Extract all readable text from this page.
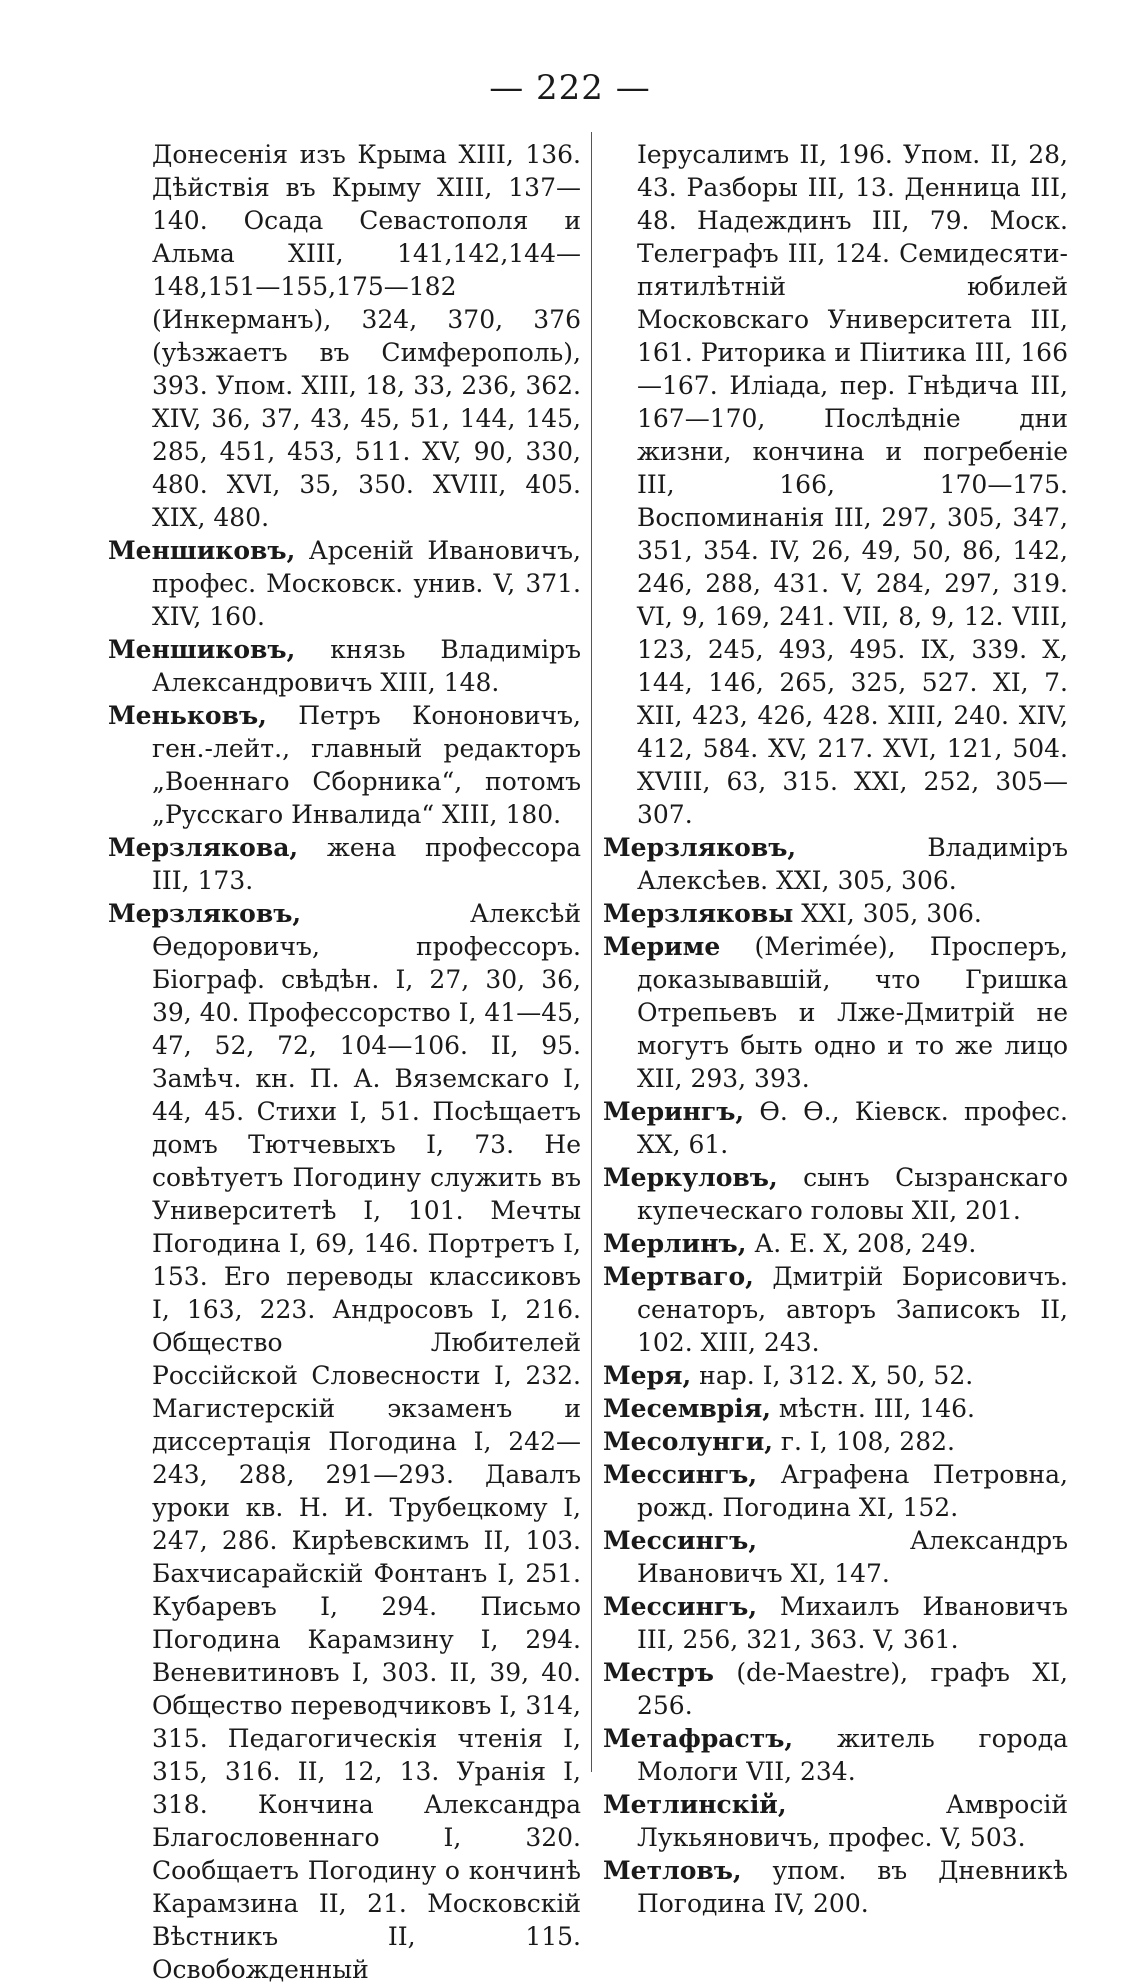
— 222 —

Донесенія изъ Крыма XIII, 136. Дѣйствія въ Крыму XIII, 137—140. Осада Севастополя и Альма XIII, 141,142,144—148,151—155,175—182 (Инкерманъ), 324, 370, 376 (уѣзжаетъ въ Симферополь), 393. Упом. XIII, 18, 33, 236, 362. XIV, 36, 37, 43, 45, 51, 144, 145, 285, 451, 453, 511. XV, 90, 330, 480. XVI, 35, 350. XVIII, 405. XIX, 480.

Меншиковъ, Арсеній Ивановичъ, профес. Московск. унив. V, 371. XIV, 160.

Меншиковъ, князь Владиміръ Александровичъ XIII, 148.

Меньковъ, Петръ Кононовичъ, ген.-лейт., главный редакторъ „Военнаго Сборника“, потомъ „Русскаго Инвалида“ XIII, 180.

Мерзлякова, жена профессора III, 173.

Мерзляковъ, Алексѣй Ѳедоровичъ, профессоръ. Біограф. свѣдѣн. I, 27, 30, 36, 39, 40. Профессорство I, 41—45, 47, 52, 72, 104—106. II, 95. Замѣч. кн. П. А. Вяземскаго I, 44, 45. Стихи I, 51. Посѣщаетъ домъ Тютчевыхъ I, 73. Не совѣтуетъ Погодину служить въ Университетѣ I, 101. Мечты Погодина I, 69, 146. Портретъ I, 153. Его переводы классиковъ I, 163, 223. Андросовъ I, 216. Общество Любителей Россійской Словесности I, 232. Магистерскій экзаменъ и диссертація Погодина I, 242—243, 288, 291—293. Давалъ уроки кв. Н. И. Трубецкому I, 247, 286. Кирѣевскимъ II, 103. Бахчисарайскій Фонтанъ I, 251. Кубаревъ I, 294. Письмо Погодина Карамзину I, 294. Веневитиновъ I, 303. II, 39, 40. Общество переводчиковъ I, 314, 315. Педагогическія чтенія I, 315, 316. II, 12, 13. Уранія I, 318. Кончина Александра Благословеннаго I, 320. Сообщаетъ Погодину о кончинѣ Карамзина II, 21. Московскій Вѣстникъ II, 115. Освобожденный

Іерусалимъ II, 196. Упом. II, 28, 43. Разборы III, 13. Денница III, 48. Надеждинъ III, 79. Моск. Телеграфъ III, 124. Семидесяти-пятилѣтній юбилей Московскаго Университета III, 161. Риторика и Піитика III, 166—167. Иліада, пер. Гнѣдича III, 167—170, Послѣдніе дни жизни, кончина и погребеніе III, 166, 170—175. Воспоминанія III, 297, 305, 347, 351, 354. IV, 26, 49, 50, 86, 142, 246, 288, 431. V, 284, 297, 319. VI, 9, 169, 241. VII, 8, 9, 12. VIII, 123, 245, 493, 495. IX, 339. X, 144, 146, 265, 325, 527. XI, 7. XII, 423, 426, 428. XIII, 240. XIV, 412, 584. XV, 217. XVI, 121, 504. XVIII, 63, 315. XXI, 252, 305—307.

Мерзляковъ, Владиміръ Алексѣев. XXI, 305, 306.

Мерзляковы XXI, 305, 306.

Мериме (Merimée), Просперъ, доказывавшій, что Гришка Отрепьевъ и Лже-Дмитрій не могутъ быть одно и то же лицо XII, 293, 393.

Мерингъ, Ѳ. Ѳ., Кіевск. профес. XX, 61.

Меркуловъ, сынъ Сызранскаго купеческаго головы XII, 201.

Мерлинъ, А. Е. X, 208, 249.

Мертваго, Дмитрій Борисовичъ. сенаторъ, авторъ Записокъ II, 102. XIII, 243.

Меря, нар. I, 312. X, 50, 52.

Месемврія, мѣстн. III, 146.

Месолунги, г. I, 108, 282.

Мессингъ, Аграфена Петровна, рожд. Погодина XI, 152.

Мессингъ, Александръ Ивановичъ XI, 147.

Мессингъ, Михаилъ Ивановичъ III, 256, 321, 363. V, 361.

Местръ (de-Maestre), графъ XI, 256.

Метафрастъ, житель города Мологи VII, 234.

Метлинскій, Амвросій Лукьяновичъ, профес. V, 503.

Метловъ, упом. въ Дневникѣ Погодина IV, 200.
